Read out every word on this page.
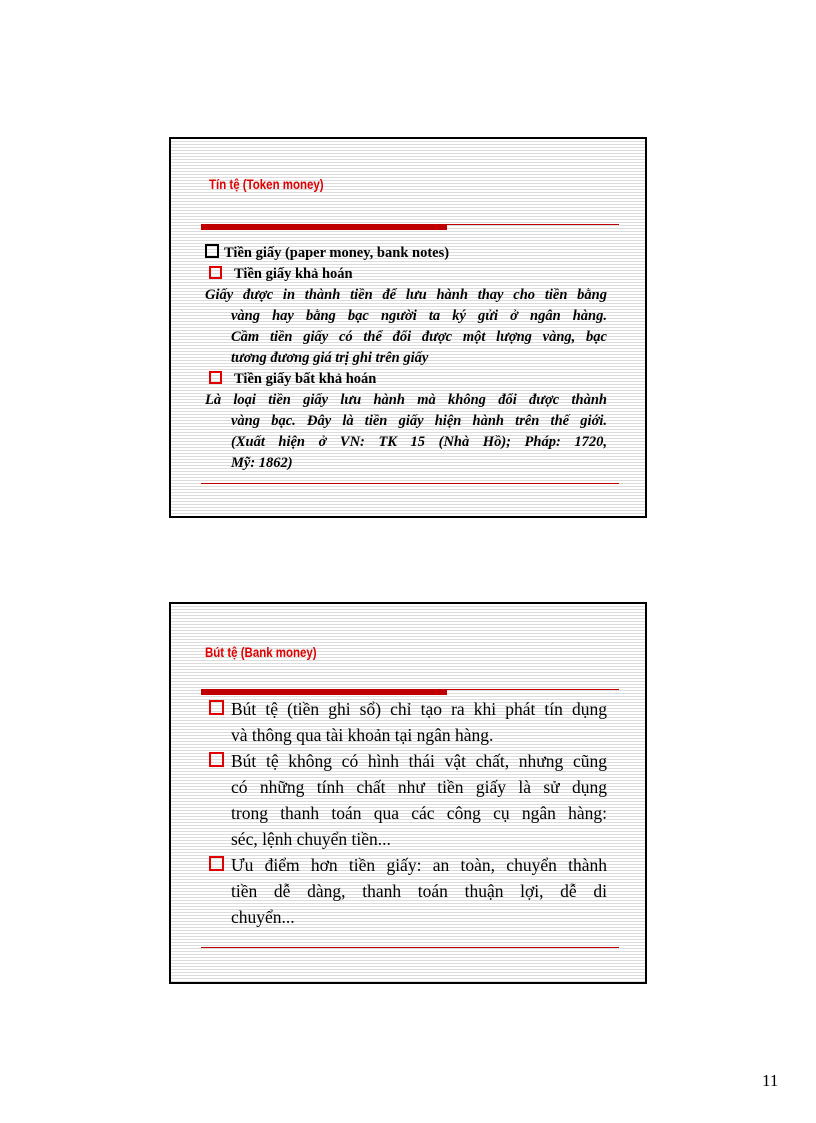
Tín tệ (Token money)
Tiền giấy (paper money, bank notes)
Tiền giấy khả hoán
Giấy được in thành tiền để lưu hành thay cho tiền bằng
vàng hay bằng bạc người ta ký gửi ở ngân hàng.
Cầm tiền giấy có thể đổi được một lượng vàng, bạc
tương đương giá trị ghi trên giấy
Tiền giấy bất khả hoán
Là loại tiền giấy lưu hành mà không đổi được thành
vàng bạc. Đây là tiền giấy hiện hành trên thế giới.
(Xuất hiện ở VN: TK 15 (Nhà Hồ); Pháp: 1720,
Mỹ: 1862)
Bút tệ (Bank money)
Bút tệ (tiền ghi sổ) chỉ tạo ra khi phát tín dụng
và thông qua tài khoản tại ngân hàng.
Bút tệ không có hình thái vật chất, nhưng cũng
có những tính chất như tiền giấy là sử dụng
trong thanh toán qua các công cụ ngân hàng:
séc, lệnh chuyển tiền...
Ưu điểm hơn tiền giấy: an toàn, chuyển thành
tiền dễ dàng, thanh toán thuận lợi, dễ di
chuyển...
11
